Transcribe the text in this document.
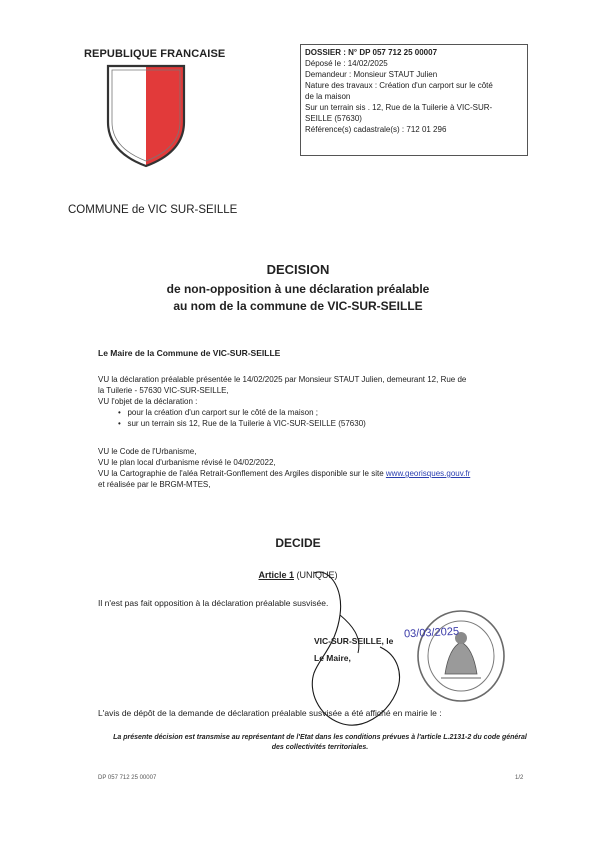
REPUBLIQUE FRANCAISE
COMMUNE de VIC SUR-SEILLE
DOSSIER : N° DP 057 712 25 00007
Déposé le : 14/02/2025
Demandeur : Monsieur STAUT Julien
Nature des travaux : Création d'un carport sur le côté
de la maison
Sur un terrain sis . 12, Rue de la Tuilerie à VIC-SUR-
SEILLE (57630)
Référence(s) cadastrale(s) : 712 01 296
DECISION
de non-opposition à une déclaration préalable
au nom de la commune de VIC-SUR-SEILLE
Le Maire de la Commune de VIC-SUR-SEILLE
VU la déclaration préalable présentée le 14/02/2025 par Monsieur STAUT Julien, demeurant 12, Rue de
la Tuilerie - 57630 VIC-SUR-SEILLE,
VU l'objet de la déclaration :
•   pour la création d'un carport sur le côté de la maison ;
•   sur un terrain sis 12, Rue de la Tuilerie à VIC-SUR-SEILLE (57630)
VU le Code de l'Urbanisme,
VU le plan local d'urbanisme révisé le 04/02/2022,
VU la Cartographie de l'aléa Retrait-Gonflement des Argiles disponible sur le site www.georisques.gouv.fr
et réalisée par le BRGM-MTES,
DECIDE
Article 1 (UNIQUE)
Il n'est pas fait opposition à la déclaration préalable susvisée.
VIC-SUR-SEILLE, le
Le Maire,
03/03/2025
L'avis de dépôt de la demande de déclaration préalable susvisée a été affiché en mairie le :
La présente décision est transmise au représentant de l'Etat dans les conditions prévues à l'article L.2131-2 du code général
des collectivités territoriales.
DP 057 712 25 00007	1/2
